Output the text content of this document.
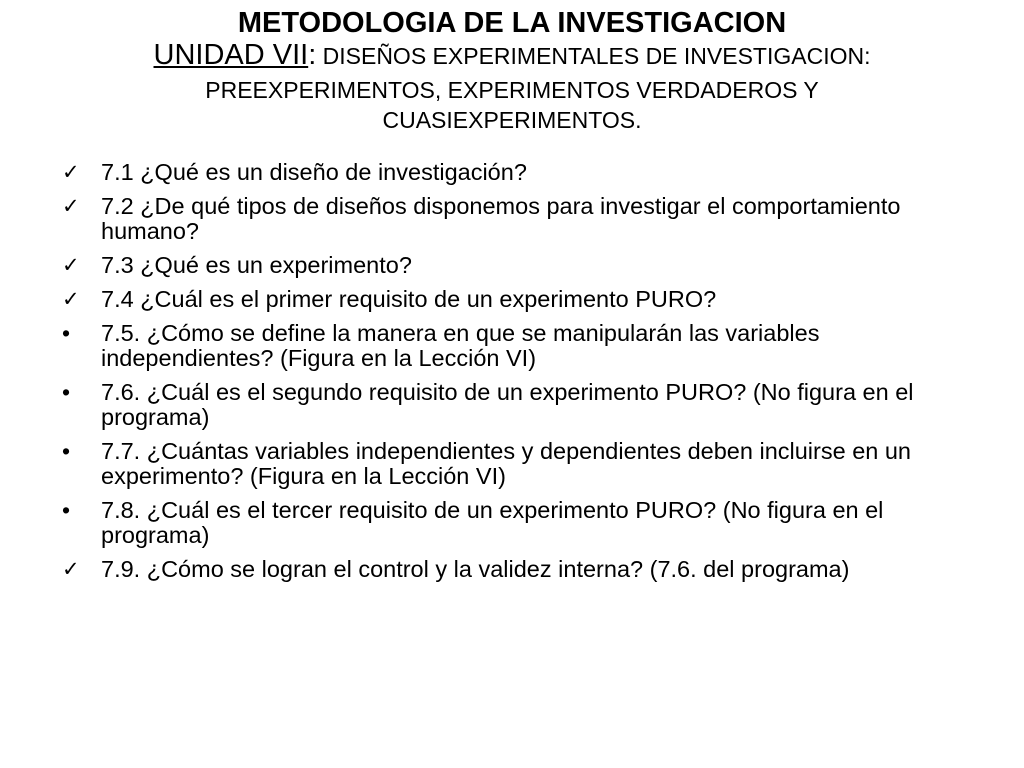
METODOLOGIA DE LA INVESTIGACION

UNIDAD VII: DISEÑOS EXPERIMENTALES DE INVESTIGACION:

PREEXPERIMENTOS, EXPERIMENTOS VERDADEROS Y

CUASIEXPERIMENTOS.

✓ 7.1 ¿Qué es un diseño de investigación?
✓ 7.2 ¿De qué tipos de diseños disponemos para investigar el comportamiento humano?
✓ 7.3 ¿Qué es un experimento?
✓ 7.4 ¿Cuál es el primer requisito de un experimento PURO?
•	7.5. ¿Cómo se define la manera en que se manipularán las variables independientes? (Figura en la Lección VI)
•	7.6. ¿Cuál es el segundo requisito de un experimento PURO? (No figura en el programa)
•	7.7. ¿Cuántas variables independientes y dependientes deben incluirse en un experimento? (Figura en la Lección VI)
•	7.8. ¿Cuál es el tercer requisito de un experimento PURO? (No figura en el programa)
✓ 7.9. ¿Cómo se logran el control y la validez interna? (7.6. del programa)
